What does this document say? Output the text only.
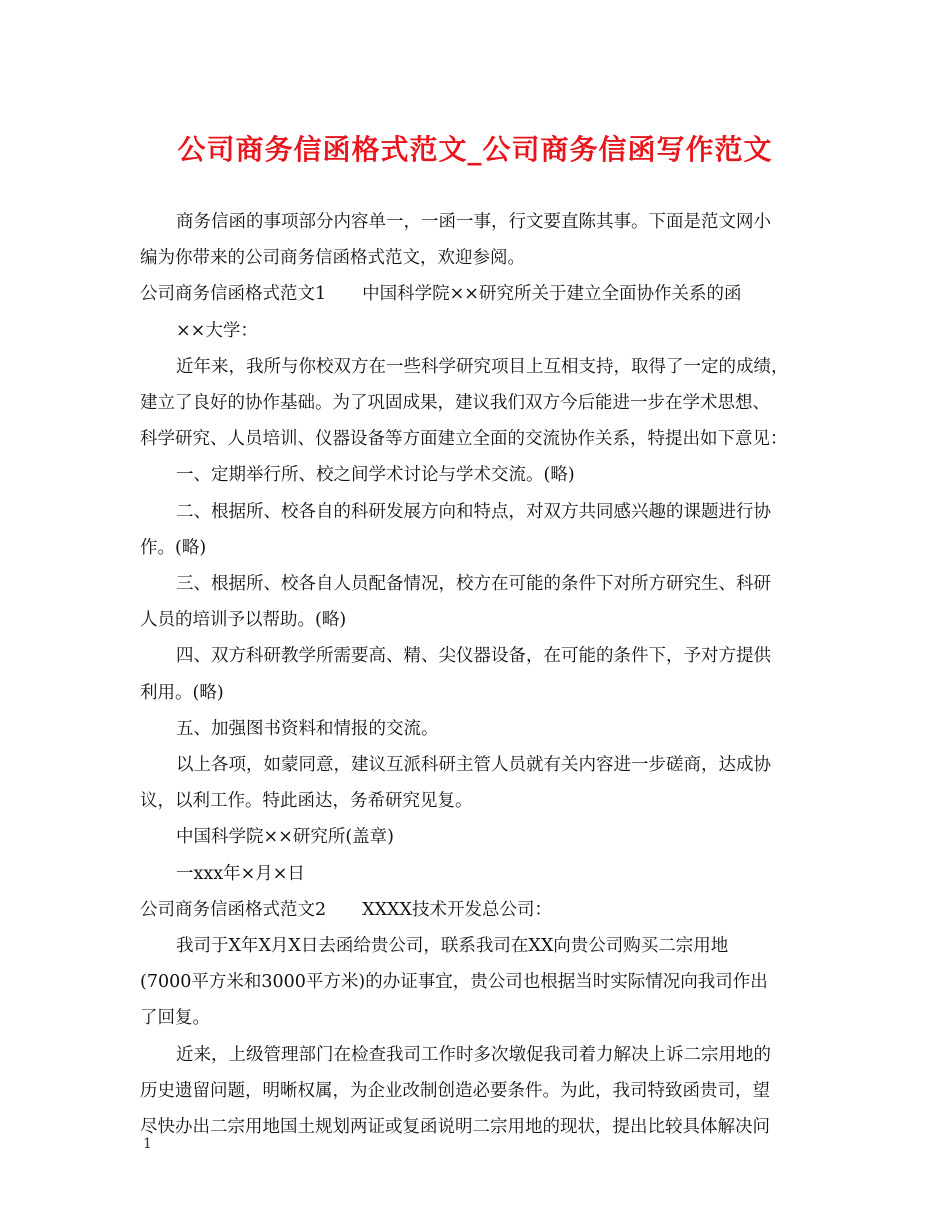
公司商务信函格式范文_公司商务信函写作范文
商务信函的事项部分内容单一，一函一事，行文要直陈其事。下面是范文网小
编为你带来的公司商务信函格式范文，欢迎参阅。
公司商务信函格式范文1 中国科学院××研究所关于建立全面协作关系的函
××大学：
近年来，我所与你校双方在一些科学研究项目上互相支持，取得了一定的成绩，
建立了良好的协作基础。为了巩固成果，建议我们双方今后能进一步在学术思想、
科学研究、人员培训、仪器设备等方面建立全面的交流协作关系，特提出如下意见：
一、定期举行所、校之间学术讨论与学术交流。(略)
二、根据所、校各自的科研发展方向和特点，对双方共同感兴趣的课题进行协
作。(略)
三、根据所、校各自人员配备情况，校方在可能的条件下对所方研究生、科研
人员的培训予以帮助。(略)
四、双方科研教学所需要高、精、尖仪器设备，在可能的条件下，予对方提供
利用。(略)
五、加强图书资料和情报的交流。
以上各项，如蒙同意，建议互派科研主管人员就有关内容进一步磋商，达成协
议，以利工作。特此函达，务希研究见复。
中国科学院××研究所(盖章)
一xxx年×月×日
公司商务信函格式范文2 XXXX技术开发总公司：
我司于X年X月X日去函给贵公司，联系我司在XX向贵公司购买二宗用地
(7000平方米和3000平方米)的办证事宜，贵公司也根据当时实际情况向我司作出
了回复。
近来，上级管理部门在检查我司工作时多次墩促我司着力解决上诉二宗用地的
历史遗留问题，明晰权属，为企业改制创造必要条件。为此，我司特致函贵司，望
尽快办出二宗用地国土规划两证或复函说明二宗用地的现状，提出比较具体解决问
1
